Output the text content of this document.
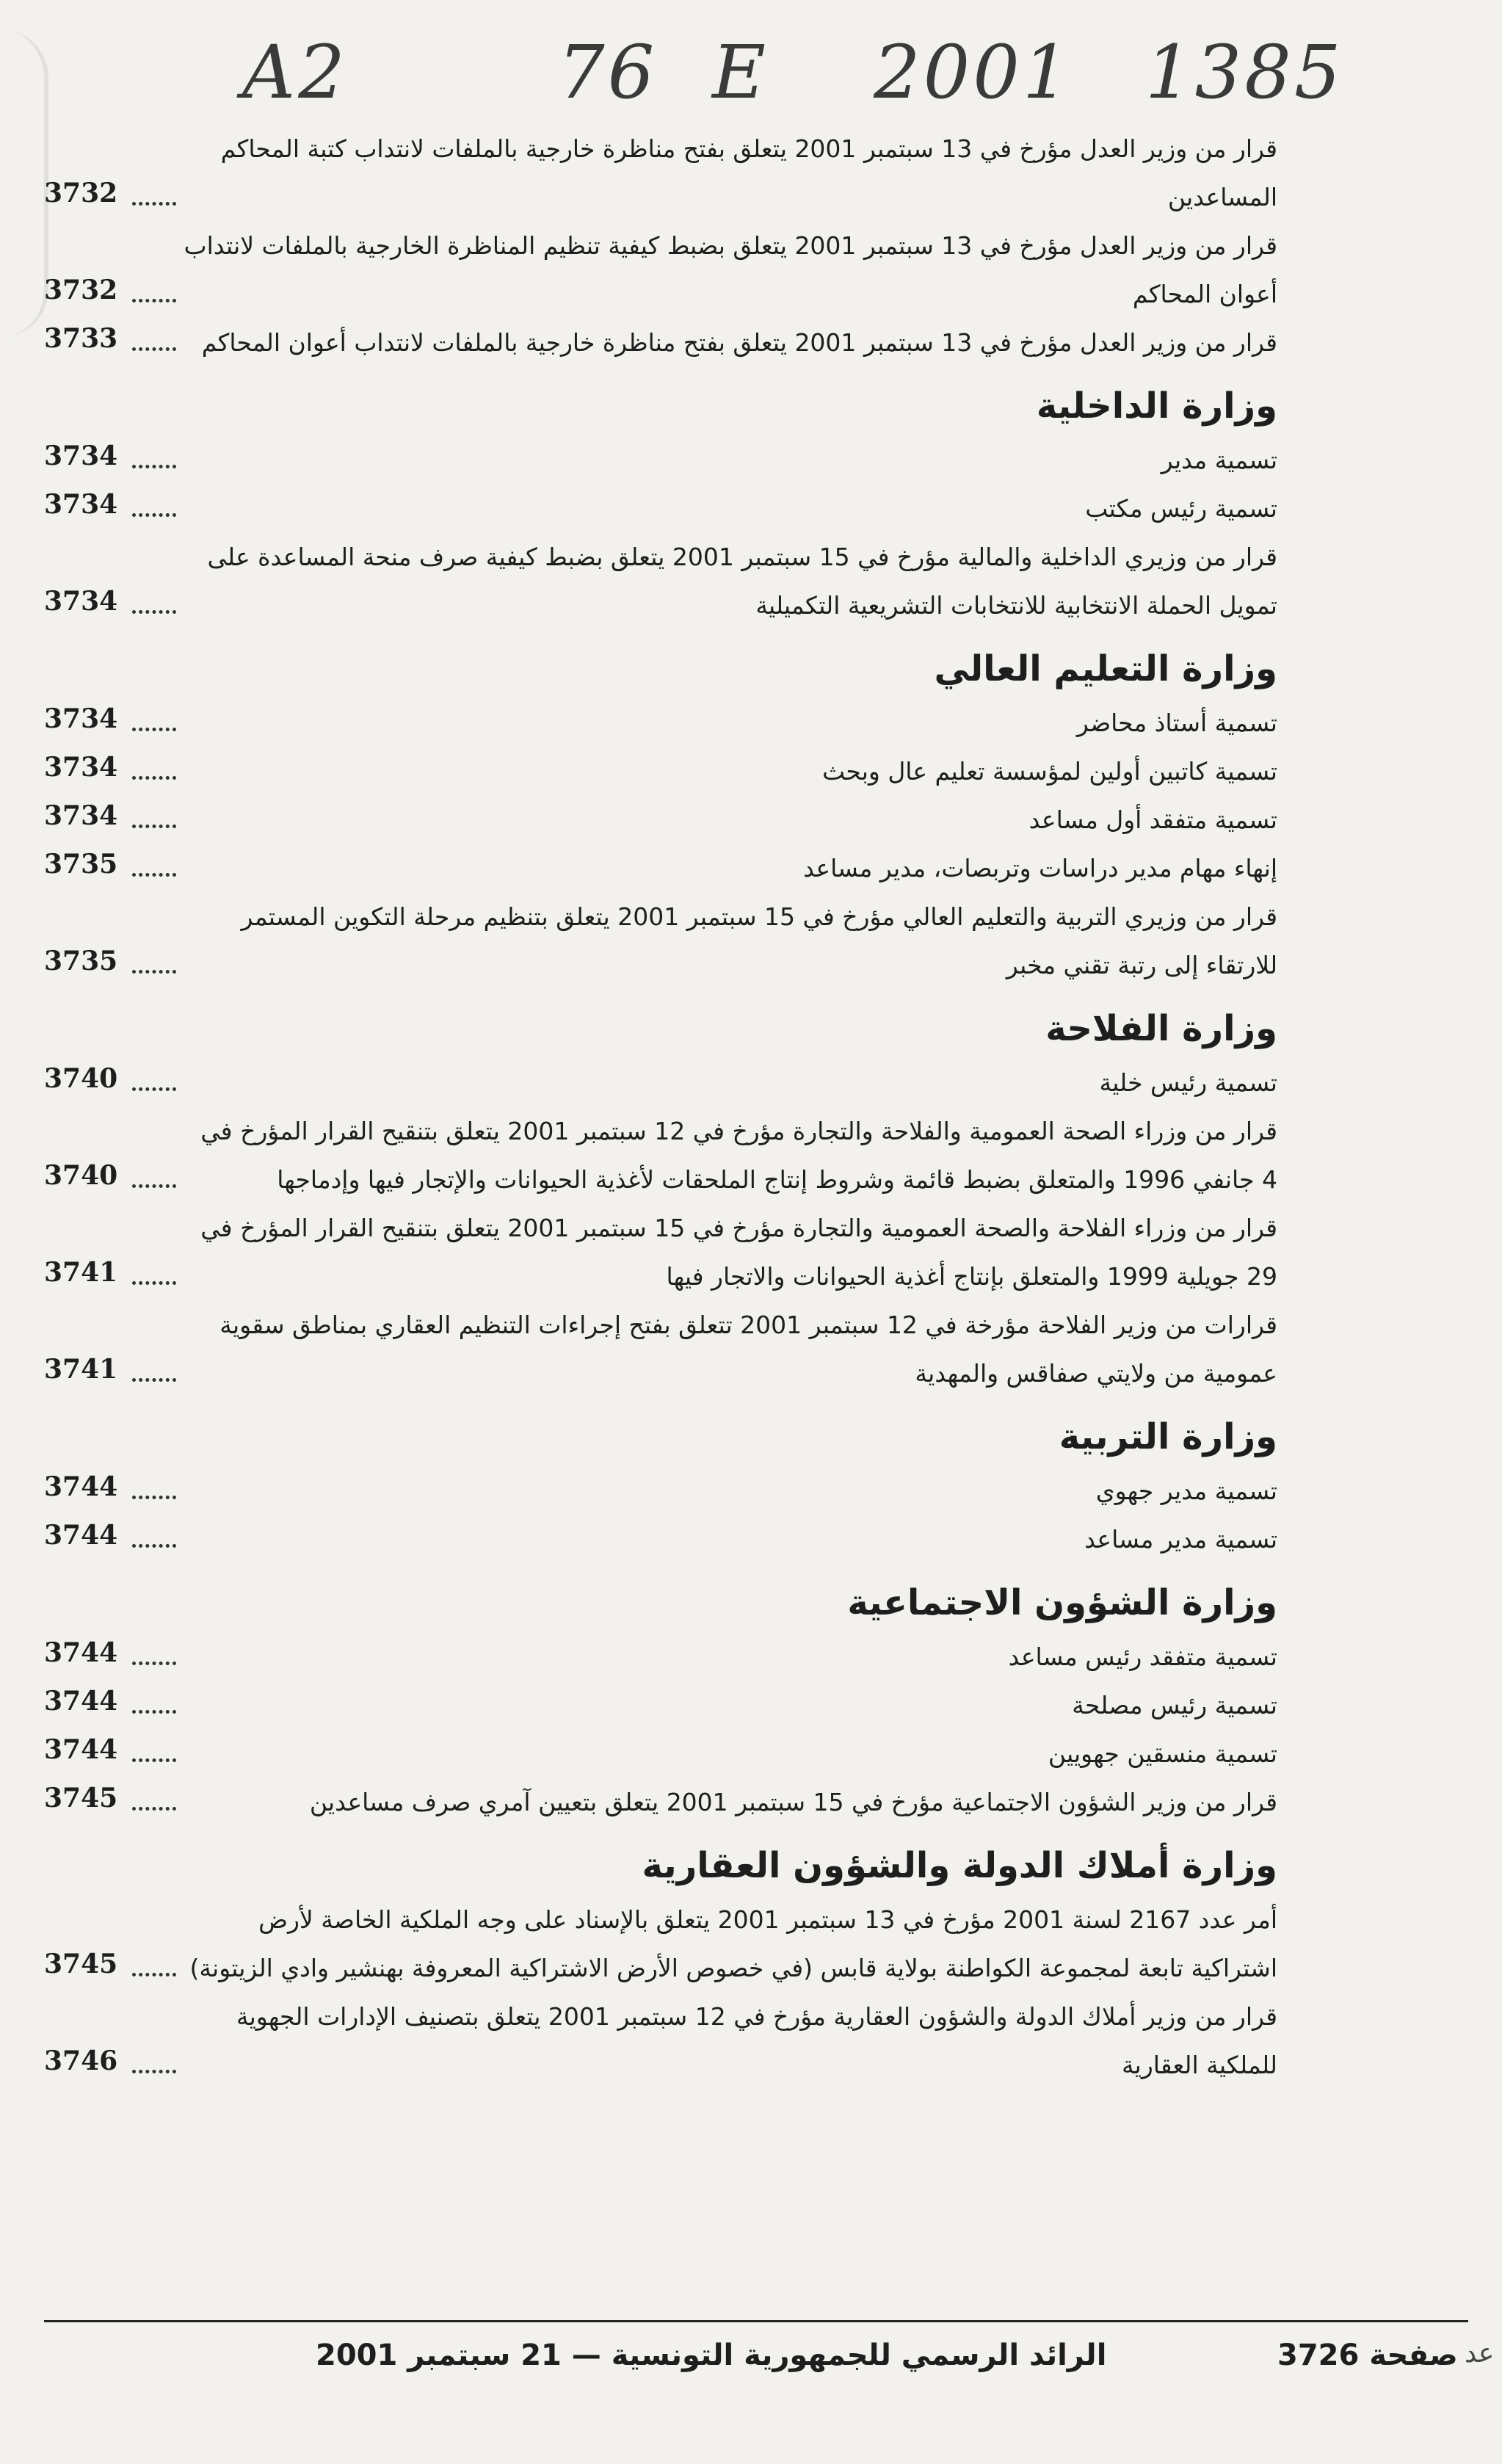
A2	76 E 2001 1385
قرار من وزير العدل مؤرخ في 13 سبتمبر 2001 يتعلق بفتح مناظرة خارجية بالملفات لانتداب كتبة المحاكم المساعدين
3732
قرار من وزير العدل مؤرخ في 13 سبتمبر 2001 يتعلق بضبط كيفية تنظيم المناظرة الخارجية بالملفات لانتداب أعوان المحاكم
3732
قرار من وزير العدل مؤرخ في 13 سبتمبر 2001 يتعلق بفتح مناظرة خارجية بالملفات لانتداب أعوان المحاكم
3733
وزارة الداخلية
تسمية مدير
3734
تسمية رئيس مكتب
3734
قرار من وزيري الداخلية والمالية مؤرخ في 15 سبتمبر 2001 يتعلق بضبط كيفية صرف منحة المساعدة على تمويل الحملة الانتخابية للانتخابات التشريعية التكميلية
3734
وزارة التعليم العالي
تسمية أستاذ محاضر
3734
تسمية كاتبين أولين لمؤسسة تعليم عال وبحث
3734
تسمية متفقد أول مساعد
3734
إنهاء مهام مدير دراسات وتربصات، مدير مساعد
3735
قرار من وزيري التربية والتعليم العالي مؤرخ في 15 سبتمبر 2001 يتعلق بتنظيم مرحلة التكوين المستمر للارتقاء إلى رتبة تقني مخبر
3735
وزارة الفلاحة
تسمية رئيس خلية
3740
قرار من وزراء الصحة العمومية والفلاحة والتجارة مؤرخ في 12 سبتمبر 2001 يتعلق بتنقيح القرار المؤرخ في 4 جانفي 1996 والمتعلق بضبط قائمة وشروط إنتاج الملحقات لأغذية الحيوانات والإتجار فيها وإدماجها
3740
قرار من وزراء الفلاحة والصحة العمومية والتجارة مؤرخ في 15 سبتمبر 2001 يتعلق بتنقيح القرار المؤرخ في 29 جويلية 1999 والمتعلق بإنتاج أغذية الحيوانات والاتجار فيها
3741
قرارات من وزير الفلاحة مؤرخة في 12 سبتمبر 2001 تتعلق بفتح إجراءات التنظيم العقاري بمناطق سقوية عمومية من ولايتي صفاقس والمهدية
3741
وزارة التربية
تسمية مدير جهوي
3744
تسمية مدير مساعد
3744
وزارة الشؤون الاجتماعية
تسمية متفقد رئيس مساعد
3744
تسمية رئيس مصلحة
3744
تسمية منسقين جهويين
3744
قرار من وزير الشؤون الاجتماعية مؤرخ في 15 سبتمبر 2001 يتعلق بتعيين آمري صرف مساعدين
3745
وزارة أملاك الدولة والشؤون العقارية
أمر عدد 2167 لسنة 2001 مؤرخ في 13 سبتمبر 2001 يتعلق بالإسناد على وجه الملكية الخاصة لأرض اشتراكية تابعة لمجموعة الكواطنة بولاية قابس (في خصوص الأرض الاشتراكية المعروفة بهنشير وادي الزيتونة)
3745
قرار من وزير أملاك الدولة والشؤون العقارية مؤرخ في 12 سبتمبر 2001 يتعلق بتصنيف الإدارات الجهوية للملكية العقارية
3746
صفحة 3726
الرائد الرسمي للجمهورية التونسية — 21 سبتمبر 2001	عد
